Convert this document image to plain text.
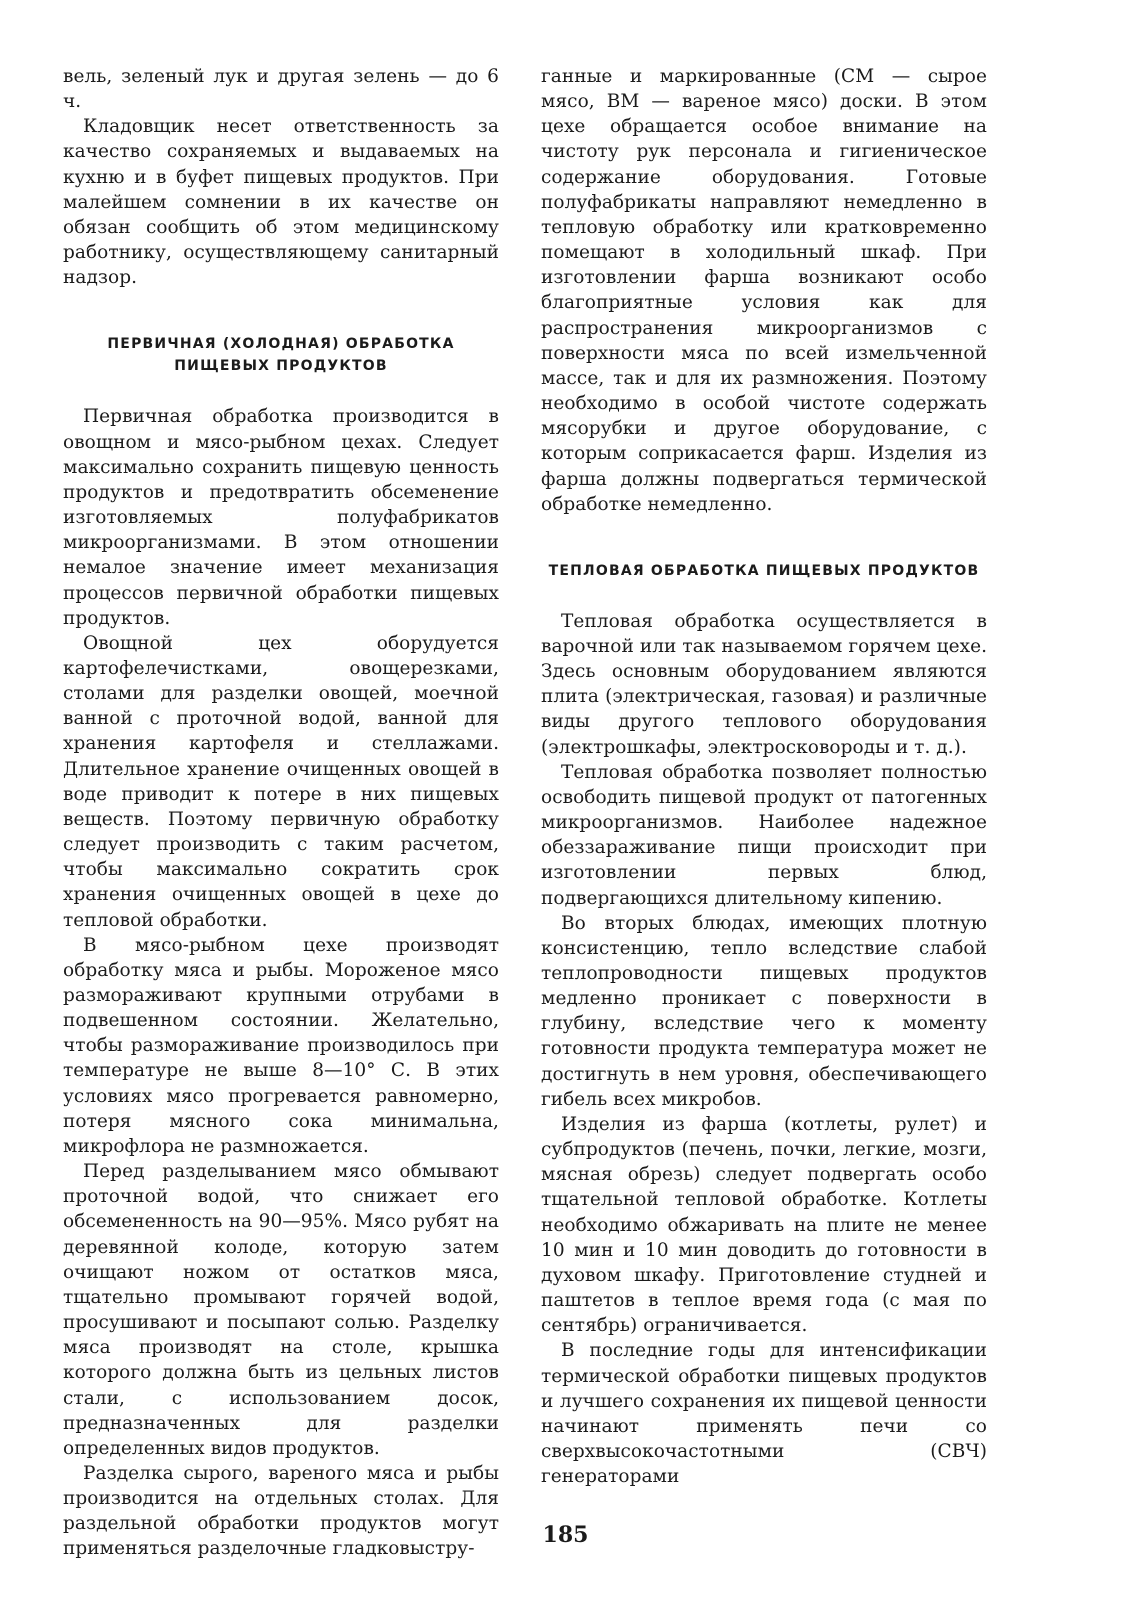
вель, зеленый лук и другая зелень — до 6 ч.

Кладовщик несет ответственность за качество сохраняемых и выдаваемых на кухню и в буфет пищевых продуктов. При малейшем сомнении в их качестве он обязан сообщить об этом медицинскому работнику, осуществляющему санитарный надзор.

ПЕРВИЧНАЯ (ХОЛОДНАЯ) ОБРАБОТКА ПИЩЕВЫХ ПРОДУКТОВ

Первичная обработка производится в овощном и мясо-рыбном цехах. Следует максимально сохранить пищевую ценность продуктов и предотвратить обсеменение изготовляемых полуфабрикатов микроорганизмами. В этом отношении немалое значение имеет механизация процессов первичной обработки пищевых продуктов.

Овощной цех оборудуется картофелечистками, овощерезками, столами для разделки овощей, моечной ванной с проточной водой, ванной для хранения картофеля и стеллажами. Длительное хранение очищенных овощей в воде приводит к потере в них пищевых веществ. Поэтому первичную обработку следует производить с таким расчетом, чтобы максимально сократить срок хранения очищенных овощей в цехе до тепловой обработки.

В мясо-рыбном цехе производят обработку мяса и рыбы. Мороженое мясо размораживают крупными отрубами в подвешенном состоянии. Желательно, чтобы размораживание производилось при температуре не выше 8—10° С. В этих условиях мясо прогревается равномерно, потеря мясного сока минимальна, микрофлора не размножается.

Перед разделыванием мясо обмывают проточной водой, что снижает его обсемененность на 90—95%. Мясо рубят на деревянной колоде, которую затем очищают ножом от остатков мяса, тщательно промывают горячей водой, просушивают и посыпают солью. Разделку мяса производят на столе, крышка которого должна быть из цельных листов стали, с использованием досок, предназначенных для разделки определенных видов продуктов.

Разделка сырого, вареного мяса и рыбы производится на отдельных столах. Для раздельной обработки продуктов могут применяться разделочные гладковыстру-

ганные и маркированные (СМ — сырое мясо, ВМ — вареное мясо) доски. В этом цехе обращается особое внимание на чистоту рук персонала и гигиеническое содержание оборудования. Готовые полуфабрикаты направляют немедленно в тепловую обработку или кратковременно помещают в холодильный шкаф. При изготовлении фарша возникают особо благоприятные условия как для распространения микроорганизмов с поверхности мяса по всей измельченной массе, так и для их размножения. Поэтому необходимо в особой чистоте содержать мясорубки и другое оборудование, с которым соприкасается фарш. Изделия из фарша должны подвергаться термической обработке немедленно.

ТЕПЛОВАЯ ОБРАБОТКА ПИЩЕВЫХ ПРОДУКТОВ

Тепловая обработка осуществляется в варочной или так называемом горячем цехе. Здесь основным оборудованием являются плита (электрическая, газовая) и различные виды другого теплового оборудования (электрошкафы, электросковороды и т. д.).

Тепловая обработка позволяет полностью освободить пищевой продукт от патогенных микроорганизмов. Наиболее надежное обеззараживание пищи происходит при изготовлении первых блюд, подвергающихся длительному кипению.

Во вторых блюдах, имеющих плотную консистенцию, тепло вследствие слабой теплопроводности пищевых продуктов медленно проникает с поверхности в глубину, вследствие чего к моменту готовности продукта температура может не достигнуть в нем уровня, обеспечивающего гибель всех микробов.

Изделия из фарша (котлеты, рулет) и субпродуктов (печень, почки, легкие, мозги, мясная обрезь) следует подвергать особо тщательной тепловой обработке. Котлеты необходимо обжаривать на плите не менее 10 мин и 10 мин доводить до готовности в духовом шкафу. Приготовление студней и паштетов в теплое время года (с мая по сентябрь) ограничивается.

В последние годы для интенсификации термической обработки пищевых продуктов и лучшего сохранения их пищевой ценности начинают применять печи со сверхвысокочастотными (СВЧ) генераторами

185
